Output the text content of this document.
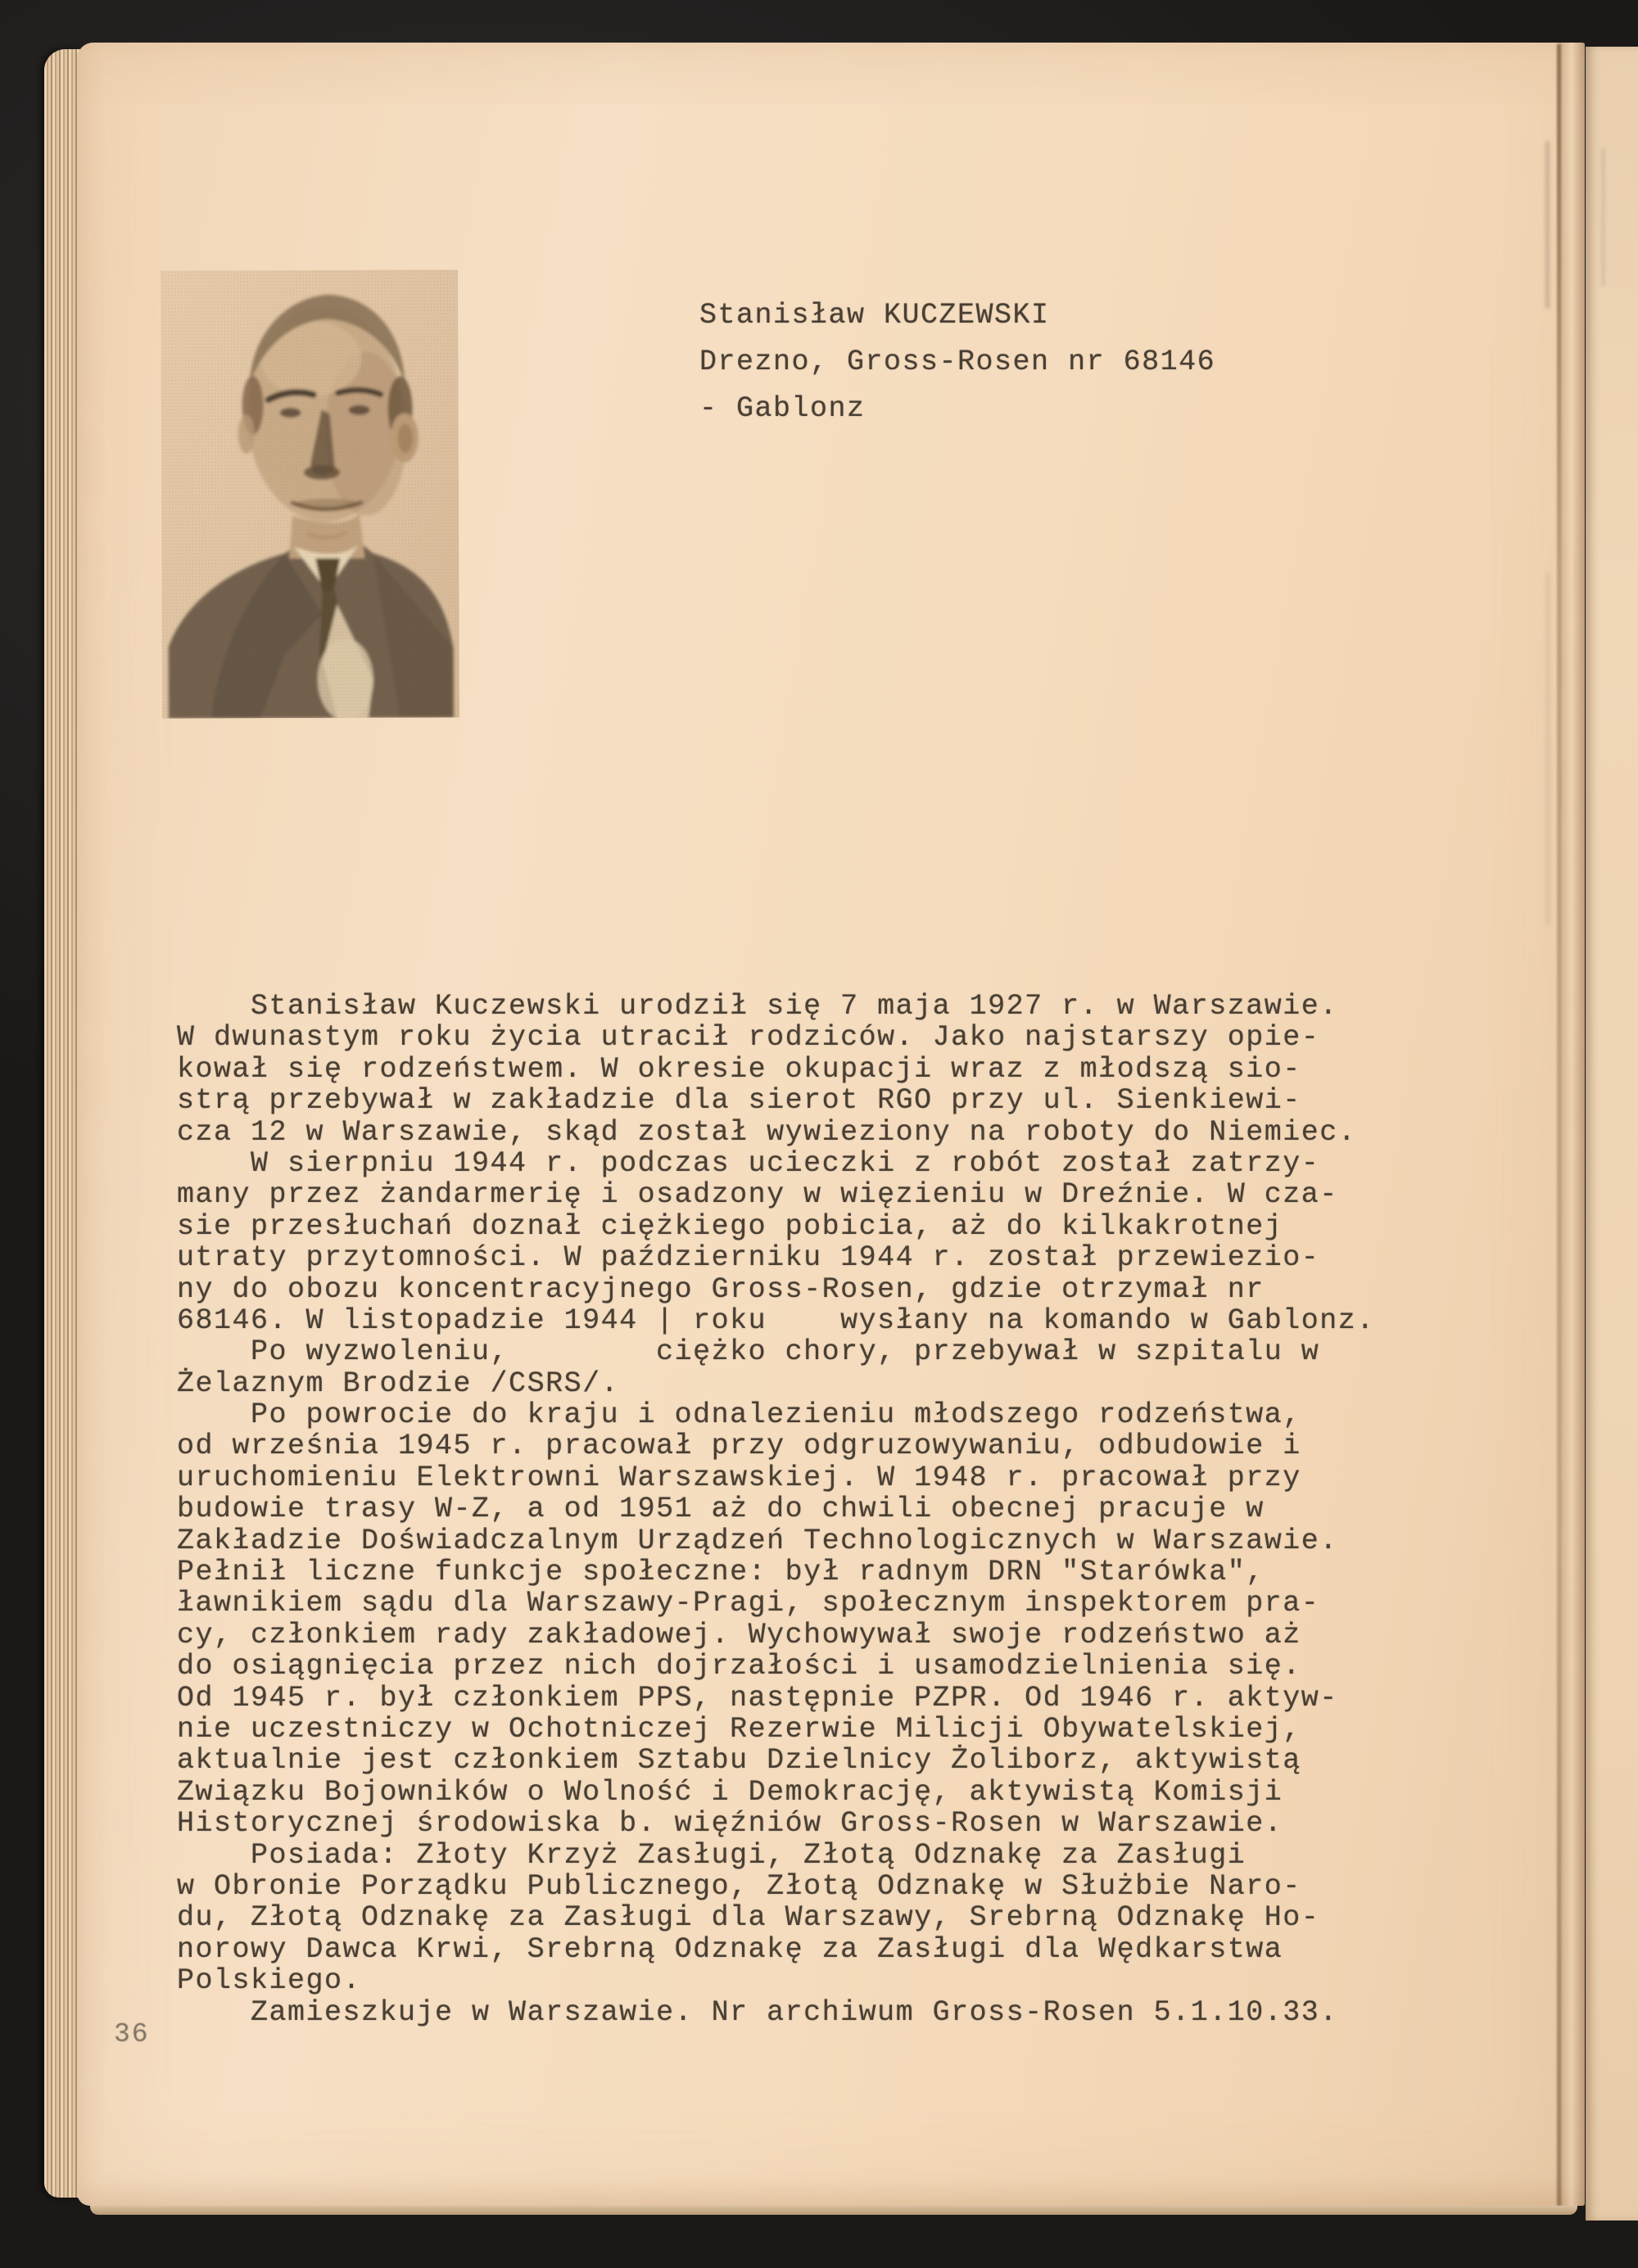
Stanisław KUCZEWSKI
Drezno, Gross-Rosen nr 68146
- Gablonz

Stanisław Kuczewski urodził się 7 maja 1927 r. w Warszawie.
W dwunastym roku życia utracił rodziców. Jako najstarszy opie-
kował się rodzeństwem. W okresie okupacji wraz z młodszą sio-
strą przebywał w zakładzie dla sierot RGO przy ul. Sienkiewi-
cza 12 w Warszawie, skąd został wywieziony na roboty do Niemiec.
W sierpniu 1944 r. podczas ucieczki z robót został zatrzy-
many przez żandarmerię i osadzony w więzieniu w Dreźnie. W cza-
sie przesłuchań doznał ciężkiego pobicia, aż do kilkakrotnej
utraty przytomności. W październiku 1944 r. został przewiezio-
ny do obozu koncentracyjnego Gross-Rosen, gdzie otrzymał nr
68146. W listopadzie 1944 | roku    wysłany na komando w Gablonz.
Po wyzwoleniu,        ciężko chory, przebywał w szpitalu w
Żelaznym Brodzie /CSRS/.
Po powrocie do kraju i odnalezieniu młodszego rodzeństwa,
od września 1945 r. pracował przy odgruzowywaniu, odbudowie i
uruchomieniu Elektrowni Warszawskiej. W 1948 r. pracował przy
budowie trasy W-Z, a od 1951 aż do chwili obecnej pracuje w
Zakładzie Doświadczalnym Urządzeń Technologicznych w Warszawie.
Pełnił liczne funkcje społeczne: był radnym DRN "Starówka",
ławnikiem sądu dla Warszawy-Pragi, społecznym inspektorem pra-
cy, członkiem rady zakładowej. Wychowywał swoje rodzeństwo aż
do osiągnięcia przez nich dojrzałości i usamodzielnienia się.
Od 1945 r. był członkiem PPS, następnie PZPR. Od 1946 r. aktyw-
nie uczestniczy w Ochotniczej Rezerwie Milicji Obywatelskiej,
aktualnie jest członkiem Sztabu Dzielnicy Żoliborz, aktywistą
Związku Bojowników o Wolność i Demokrację, aktywistą Komisji
Historycznej środowiska b. więźniów Gross-Rosen w Warszawie.
Posiada: Złoty Krzyż Zasługi, Złotą Odznakę za Zasługi
w Obronie Porządku Publicznego, Złotą Odznakę w Służbie Naro-
du, Złotą Odznakę za Zasługi dla Warszawy, Srebrną Odznakę Ho-
norowy Dawca Krwi, Srebrną Odznakę za Zasługi dla Wędkarstwa
Polskiego.
Zamieszkuje w Warszawie. Nr archiwum Gross-Rosen 5.1.10.33.
36
